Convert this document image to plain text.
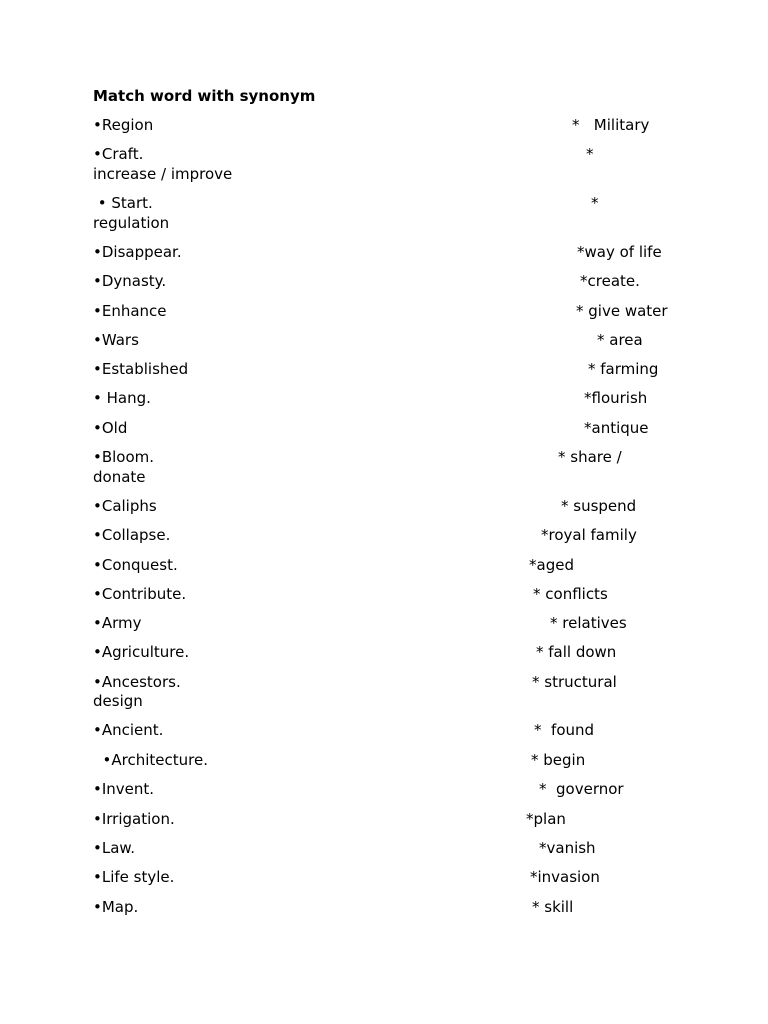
Match word with synonym
•Region	*   Military
•Craft.	*
increase / improve
• Start.	*
regulation
•Disappear.	*way of life
•Dynasty.	*create.
•Enhance	* give water
•Wars	* area
•Established	* farming
• Hang.	*flourish
•Old	*antique
•Bloom.	* share /
donate
•Caliphs	* suspend
•Collapse.	*royal family
•Conquest.	*aged
•Contribute.	* conflicts
•Army	* relatives
•Agriculture.	* fall down
•Ancestors.	* structural
design
•Ancient.	*  found
•Architecture.	* begin
•Invent.	*  governor
•Irrigation.	*plan
•Law.	*vanish
•Life style.	*invasion
•Map.	* skill
